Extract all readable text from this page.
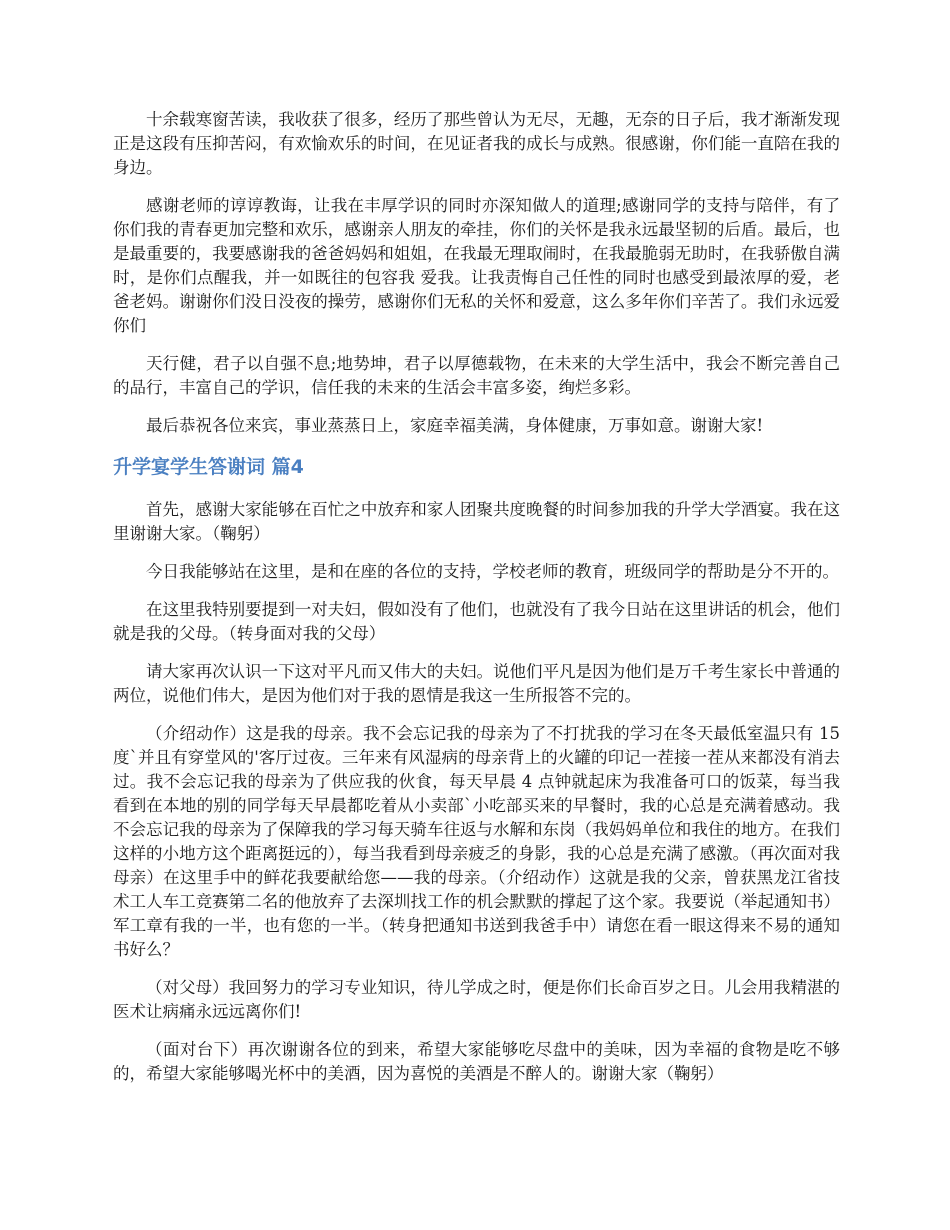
十余载寒窗苦读，我收获了很多，经历了那些曾认为无尽，无趣，无奈的日子后，我才渐渐发现正是这段有压抑苦闷，有欢愉欢乐的时间，在见证者我的成长与成熟。很感谢，你们能一直陪在我的身边。

感谢老师的谆谆教诲，让我在丰厚学识的同时亦深知做人的道理;感谢同学的支持与陪伴，有了你们我的青春更加完整和欢乐，感谢亲人朋友的牵挂，你们的关怀是我永远最坚韧的后盾。最后，也是最重要的，我要感谢我的爸爸妈妈和姐姐，在我最无理取闹时，在我最脆弱无助时，在我骄傲自满时，是你们点醒我，并一如既往的包容我 爱我。让我责悔自己任性的同时也感受到最浓厚的爱，老爸老妈。谢谢你们没日没夜的操劳，感谢你们无私的关怀和爱意，这么多年你们辛苦了。我们永远爱你们

天行健，君子以自强不息;地势坤，君子以厚德载物，在未来的大学生活中，我会不断完善自己的品行，丰富自己的学识，信任我的未来的生活会丰富多姿，绚烂多彩。

最后恭祝各位来宾，事业蒸蒸日上，家庭幸福美满，身体健康，万事如意。谢谢大家!

升学宴学生答谢词 篇4

首先，感谢大家能够在百忙之中放弃和家人团聚共度晚餐的时间参加我的升学大学酒宴。我在这里谢谢大家。（鞠躬）

今日我能够站在这里，是和在座的各位的支持，学校老师的教育，班级同学的帮助是分不开的。

在这里我特别要提到一对夫妇，假如没有了他们，也就没有了我今日站在这里讲话的机会，他们就是我的父母。（转身面对我的父母）

请大家再次认识一下这对平凡而又伟大的夫妇。说他们平凡是因为他们是万千考生家长中普通的两位，说他们伟大，是因为他们对于我的恩情是我这一生所报答不完的。

（介绍动作）这是我的母亲。我不会忘记我的母亲为了不打扰我的学习在冬天最低室温只有 15 度`并且有穿堂风的'客厅过夜。三年来有风湿病的母亲背上的火罐的印记一茬接一茬从来都没有消去过。我不会忘记我的母亲为了供应我的伙食，每天早晨 4 点钟就起床为我准备可口的饭菜，每当我看到在本地的别的同学每天早晨都吃着从小卖部`小吃部买来的早餐时，我的心总是充满着感动。我不会忘记我的母亲为了保障我的学习每天骑车往返与水解和东岗（我妈妈单位和我住的地方。在我们这样的小地方这个距离挺远的），每当我看到母亲疲乏的身影，我的心总是充满了感激。（再次面对我母亲）在这里手中的鲜花我要献给您——我的母亲。（介绍动作）这就是我的父亲，曾获黑龙江省技术工人车工竞赛第二名的他放弃了去深圳找工作的机会默默的撑起了这个家。我要说（举起通知书）军工章有我的一半，也有您的一半。（转身把通知书送到我爸手中）请您在看一眼这得来不易的通知书好么？

（对父母）我回努力的学习专业知识，待儿学成之时，便是你们长命百岁之日。儿会用我精湛的医术让病痛永远远离你们!

（面对台下）再次谢谢各位的到来，希望大家能够吃尽盘中的美味，因为幸福的食物是吃不够的，希望大家能够喝光杯中的美酒，因为喜悦的美酒是不醉人的。谢谢大家（鞠躬）
